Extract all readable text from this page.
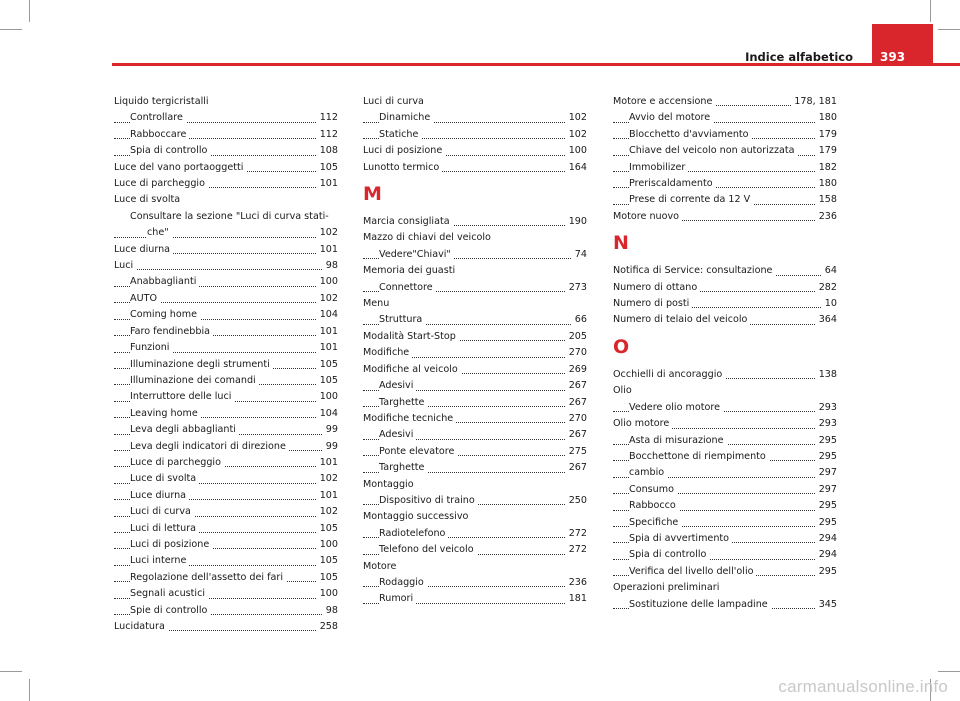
Indice alfabetico 393
Liquido tergicristalli
Controllare	112
Rabboccare	112
Spia di controllo	108
Luce del vano portaoggetti	105
Luce di parcheggio	101
Luce di svolta
Consultare la sezione "Luci di curva stati-
che"	102
Luce diurna	101
Luci	98
Anabbaglianti	100
AUTO	102
Coming home	104
Faro fendinebbia	101
Funzioni	101
Illuminazione degli strumenti	105
Illuminazione dei comandi	105
Interruttore delle luci	100
Leaving home	104
Leva degli abbaglianti	99
Leva degli indicatori di direzione	99
Luce di parcheggio	101
Luce di svolta	102
Luce diurna	101
Luci di curva	102
Luci di lettura	105
Luci di posizione	100
Luci interne	105
Regolazione dell'assetto dei fari	105
Segnali acustici	100
Spie di controllo	98
Lucidatura	258
Luci di curva
Dinamiche	102
Statiche	102
Luci di posizione	100
Lunotto termico	164
M
Marcia consigliata	190
Mazzo di chiavi del veicolo
Vedere"Chiavi"	74
Memoria dei guasti
Connettore	273
Menu
Struttura	66
Modalità Start-Stop	205
Modifiche	270
Modifiche al veicolo	269
Adesivi	267
Targhette	267
Modifiche tecniche	270
Adesivi	267
Ponte elevatore	275
Targhette	267
Montaggio
Dispositivo di traino	250
Montaggio successivo
Radiotelefono	272
Telefono del veicolo	272
Motore
Rodaggio	236
Rumori	181
Motore e accensione	178, 181
Avvio del motore	180
Blocchetto d'avviamento	179
Chiave del veicolo non autorizzata	179
Immobilizer	182
Preriscaldamento	180
Prese di corrente da 12 V	158
Motore nuovo	236
N
Notifica di Service: consultazione	64
Numero di ottano	282
Numero di posti	10
Numero di telaio del veicolo	364
O
Occhielli di ancoraggio	138
Olio
Vedere olio motore	293
Olio motore	293
Asta di misurazione	295
Bocchettone di riempimento	295
cambio	297
Consumo	297
Rabbocco	295
Specifiche	295
Spia di avvertimento	294
Spia di controllo	294
Verifica del livello dell'olio	295
Operazioni preliminari
Sostituzione delle lampadine	345
carmanualsonline.info
